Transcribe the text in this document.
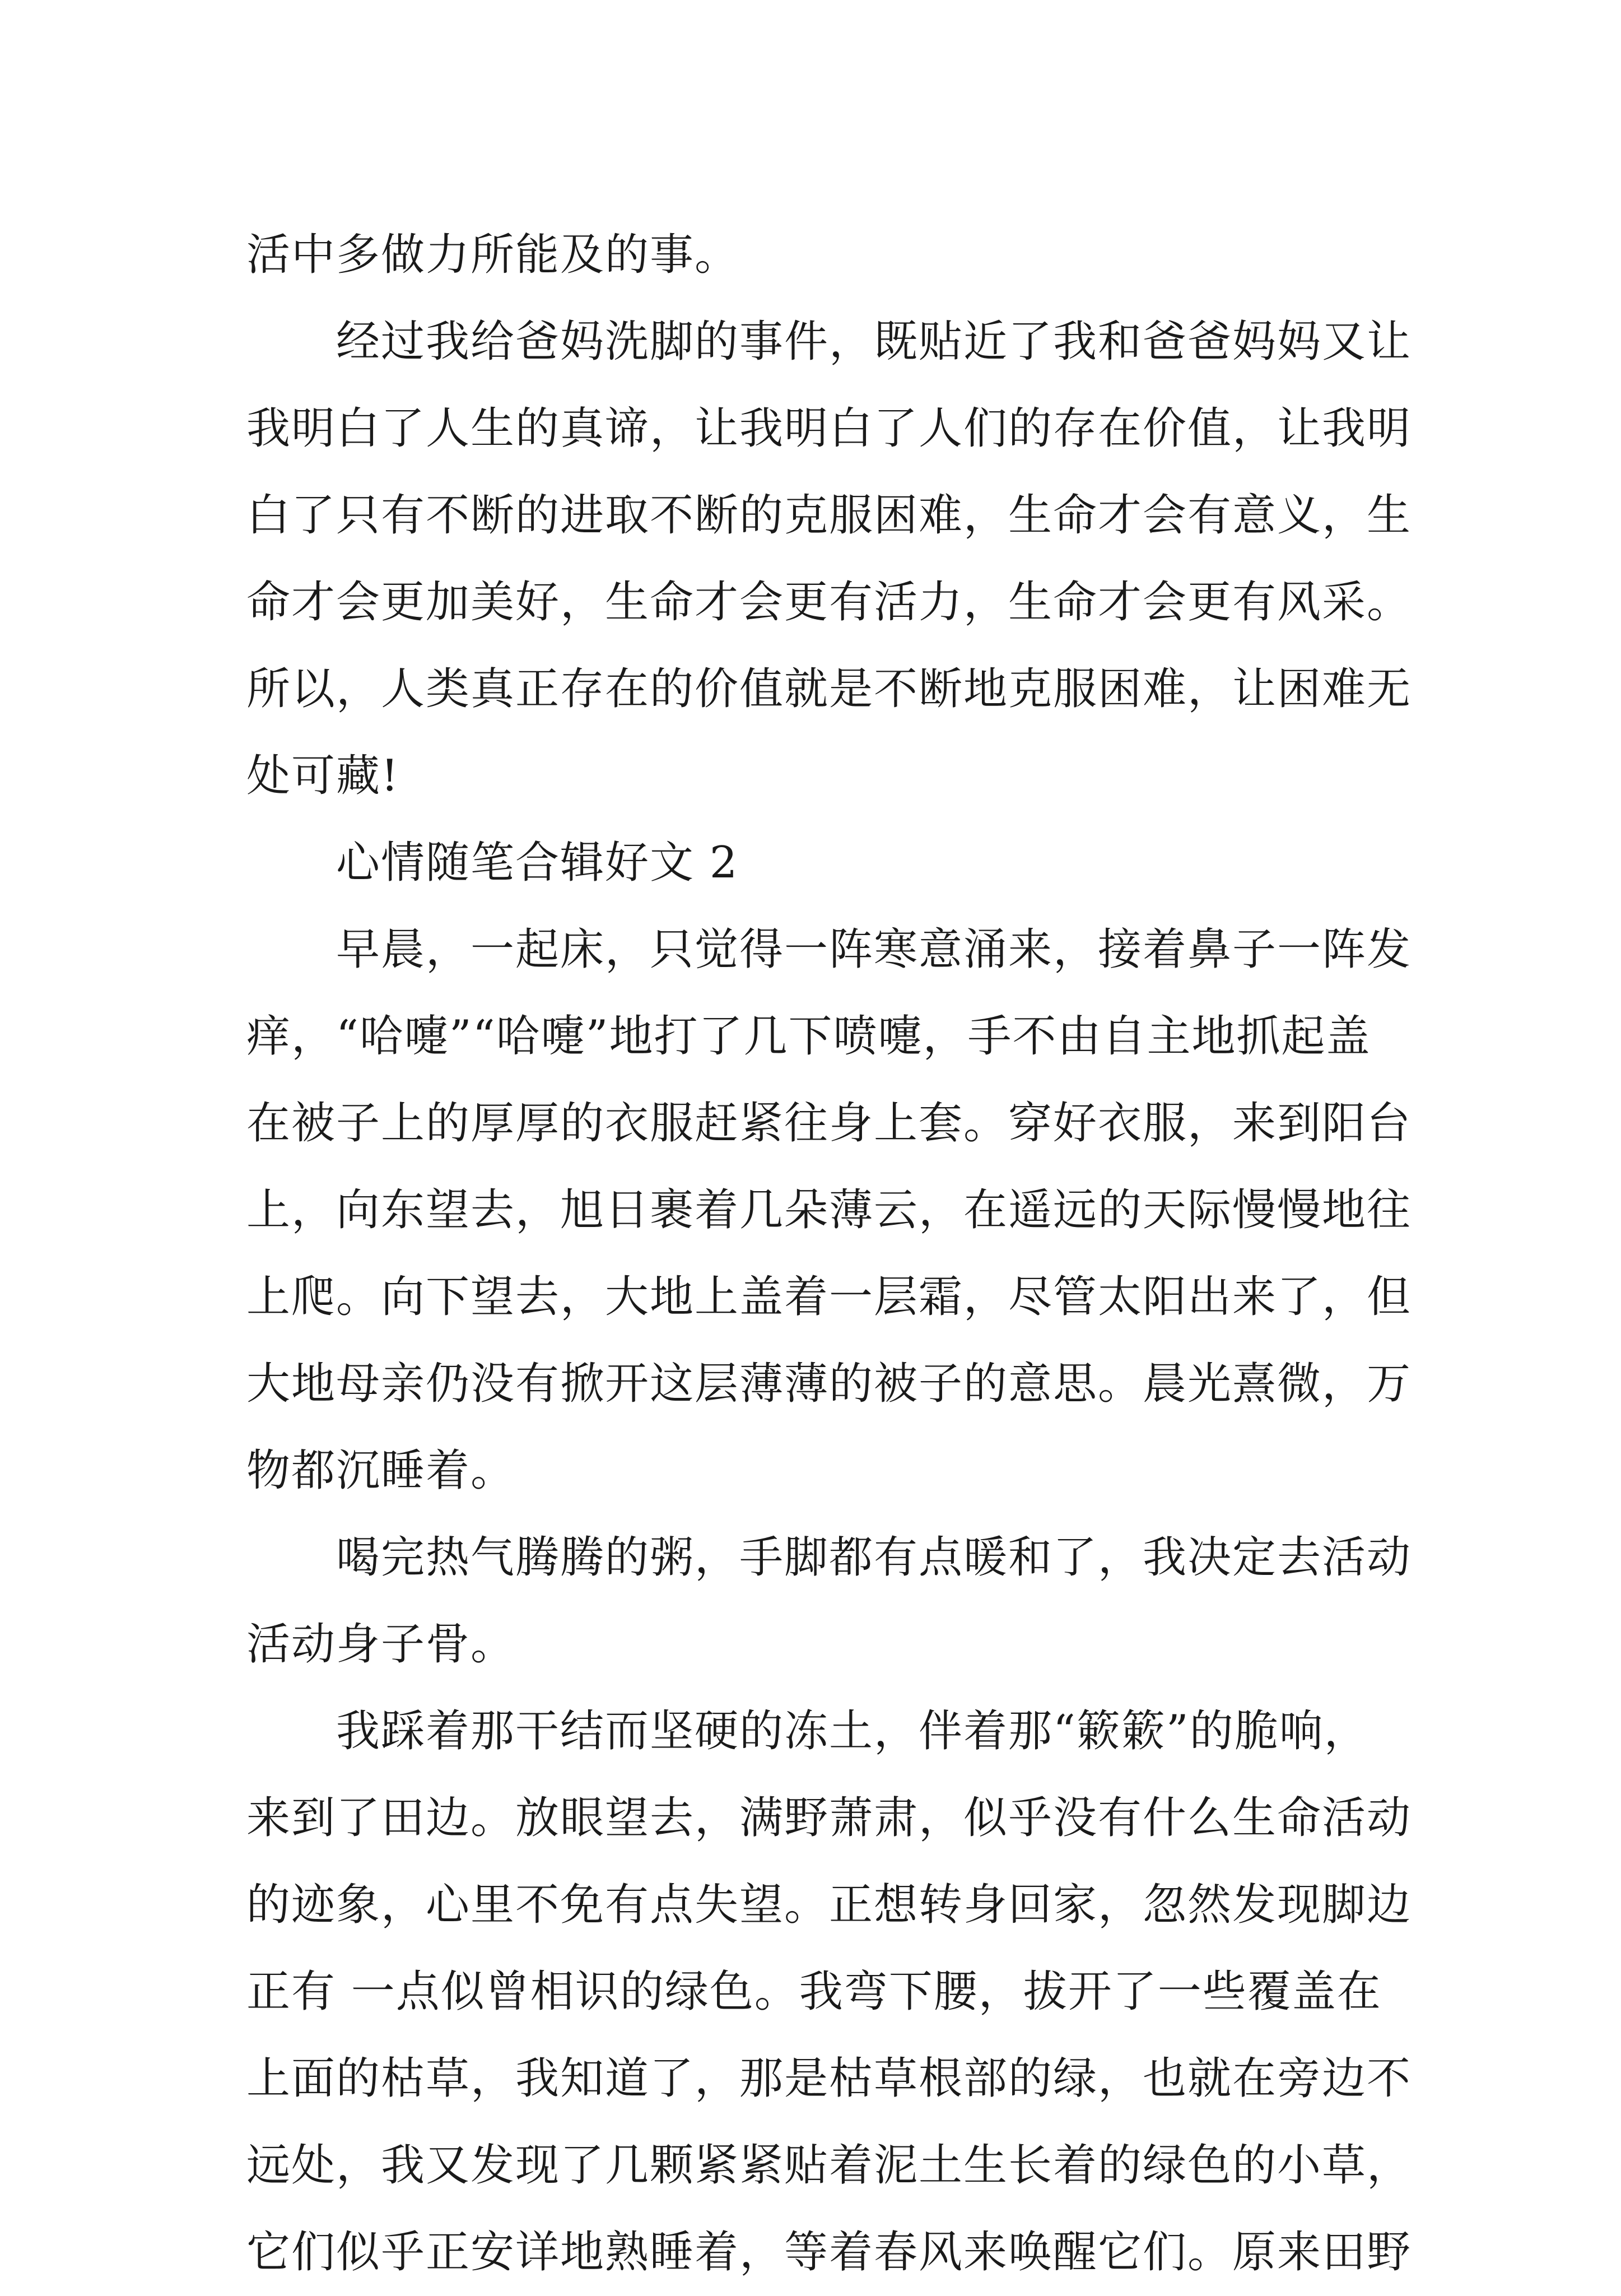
活中多做力所能及的事。
经过我给爸妈洗脚的事件，既贴近了我和爸爸妈妈又让
我明白了人生的真谛，让我明白了人们的存在价值，让我明
白了只有不断的进取不断的克服困难，生命才会有意义，生
命才会更加美好，生命才会更有活力，生命才会更有风采。
所以，人类真正存在的价值就是不断地克服困难，让困难无
处可藏!
心情随笔合辑好文 2
早晨，一起床，只觉得一阵寒意涌来，接着鼻子一阵发
痒，“哈嚏”“哈嚏”地打了几下喷嚏，手不由自主地抓起盖
在被子上的厚厚的衣服赶紧往身上套。穿好衣服，来到阳台
上，向东望去，旭日裹着几朵薄云，在遥远的天际慢慢地往
上爬。向下望去，大地上盖着一层霜，尽管太阳出来了，但
大地母亲仍没有掀开这层薄薄的被子的意思。晨光熹微，万
物都沉睡着。
喝完热气腾腾的粥，手脚都有点暖和了，我决定去活动
活动身子骨。
我踩着那干结而坚硬的冻土，伴着那“簌簌”的脆响，
来到了田边。放眼望去，满野萧肃，似乎没有什么生命活动
的迹象，心里不免有点失望。正想转身回家，忽然发现脚边
正有 一点似曾相识的绿色。我弯下腰，拔开了一些覆盖在
上面的枯草，我知道了，那是枯草根部的绿，也就在旁边不
远处，我又发现了几颗紧紧贴着泥土生长着的绿色的小草，
它们似乎正安详地熟睡着，等着春风来唤醒它们。原来田野
